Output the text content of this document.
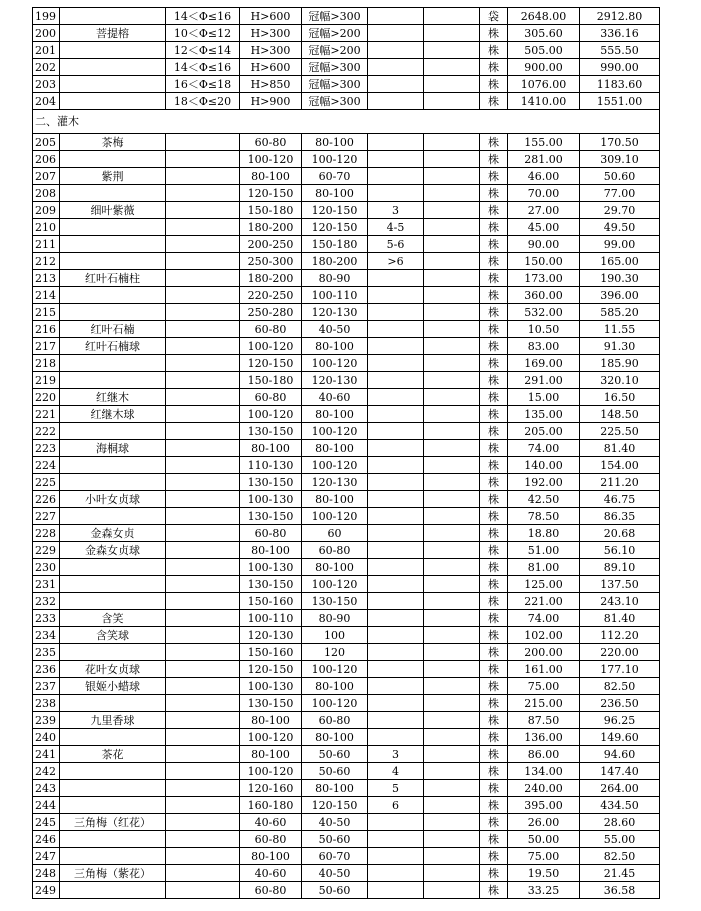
199		14＜Φ≤16	H>600	冠幅>300			袋	2648.00	2912.80
200	菩提榕	10＜Φ≤12	H>300	冠幅>200			株	305.60	336.16
201		12＜Φ≤14	H>300	冠幅>200			株	505.00	555.50
202		14＜Φ≤16	H>600	冠幅>300			株	900.00	990.00
203		16＜Φ≤18	H>850	冠幅>300			株	1076.00	1183.60
204		18＜Φ≤20	H>900	冠幅>300			株	1410.00	1551.00
二、灌木									
205	茶梅		60-80	80-100			株	155.00	170.50
206			100-120	100-120			株	281.00	309.10
207	紫荆		80-100	60-70			株	46.00	50.60
208			120-150	80-100			株	70.00	77.00
209	细叶紫薇		150-180	120-150	3		株	27.00	29.70
210			180-200	120-150	4-5		株	45.00	49.50
211			200-250	150-180	5-6		株	90.00	99.00
212			250-300	180-200	>6		株	150.00	165.00
213	红叶石楠柱		180-200	80-90			株	173.00	190.30
214			220-250	100-110			株	360.00	396.00
215			250-280	120-130			株	532.00	585.20
216	红叶石楠		60-80	40-50			株	10.50	11.55
217	红叶石楠球		100-120	80-100			株	83.00	91.30
218			120-150	100-120			株	169.00	185.90
219			150-180	120-130			株	291.00	320.10
220	红继木		60-80	40-60			株	15.00	16.50
221	红继木球		100-120	80-100			株	135.00	148.50
222			130-150	100-120			株	205.00	225.50
223	海桐球		80-100	80-100			株	74.00	81.40
224			110-130	100-120			株	140.00	154.00
225			130-150	120-130			株	192.00	211.20
226	小叶女贞球		100-130	80-100			株	42.50	46.75
227			130-150	100-120			株	78.50	86.35
228	金森女贞		60-80	60			株	18.80	20.68
229	金森女贞球		80-100	60-80			株	51.00	56.10
230			100-130	80-100			株	81.00	89.10
231			130-150	100-120			株	125.00	137.50
232			150-160	130-150			株	221.00	243.10
233	含笑		100-110	80-90			株	74.00	81.40
234	含笑球		120-130	100			株	102.00	112.20
235			150-160	120			株	200.00	220.00
236	花叶女贞球		120-150	100-120			株	161.00	177.10
237	银姬小蜡球		100-130	80-100			株	75.00	82.50
238			130-150	100-120			株	215.00	236.50
239	九里香球		80-100	60-80			株	87.50	96.25
240			100-120	80-100			株	136.00	149.60
241	茶花		80-100	50-60	3		株	86.00	94.60
242			100-120	50-60	4		株	134.00	147.40
243			120-160	80-100	5		株	240.00	264.00
244			160-180	120-150	6		株	395.00	434.50
245	三角梅（红花）		40-60	40-50			株	26.00	28.60
246			60-80	50-60			株	50.00	55.00
247			80-100	60-70			株	75.00	82.50
248	三角梅（紫花）		40-60	40-50			株	19.50	21.45
249			60-80	50-60			株	33.25	36.58
